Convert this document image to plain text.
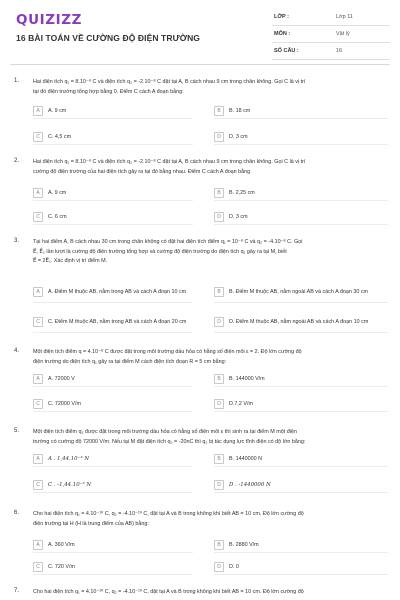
QUIZIZZ
16 BÀI TOÁN VỀ CƯỜNG ĐỘ ĐIỆN TRƯỜNG
LỚP :	Lớp 11
MÔN :	Vật lý
SỐ CÂU :	16
1.	Hai điện tích q₁ = 8.10⁻⁸ C và điện tích q₂ = -2.10⁻⁸ C đặt tại A, B cách nhau 9 cm trong chân không. Gọi C là vị trí
tại đó điện trường tổng hợp bằng 0. Điểm C cách A đoạn bằng:
A	A. 9 cm	B	B. 18 cm
C	C. 4,5 cm	D	D. 3 cm
2.	Hai điện tích q₁ = 8.10⁻⁸ C và điện tích q₂ = -2.10⁻⁸ C đặt tại A, B cách nhau 9 cm trong chân không. Gọi C là vị trí
cường độ điện trường của hai điện tích gây ra tại đó bằng nhau. Điểm C cách A đoạn bằng
A	A. 9 cm	B	B. 2,25 cm
C	C. 6 cm	D	D. 3 cm
3.	Tại hai điểm A, B cách nhau 30 cm trong chân không có đặt hai điện tích điểm q₁ = 10⁻⁸ C và q₂ = -4.10⁻⁸ C. Gọi
E⃗, E⃗₂ lần lượt là cường độ điện trường tổng hợp và cường độ điện trường do điện tích q₁ gây ra tại M, biết
E⃗ = 2E⃗₁. Xác định vị trí điểm M.
A	A. Điểm M thuộc AB, nằm trong AB và cách A đoạn 10 cm	B	B. Điểm M thuộc AB, nằm ngoài AB và cách A đoạn 30 cm
C	C. Điểm M thuộc AB, nằm trong AB và cách A đoạn 20 cm	D	D. Điểm M thuộc AB, nằm ngoài AB và cách A đoạn 10 cm
4.	Một điện tích điểm q = 4.10⁻⁸ C được đặt trong môi trường dầu hỏa có hằng số điện môi ε = 2. Độ lớn cường độ
điện trường do điện tích q₁ gây ra tại điểm M cách điện tích đoạn R = 5 cm bằng:
A	A. 72000 V	B	B. 144000 V/m
C	C. 72000 V/m	D	D.7,2 V/m
5.	Một điện tích điểm q₁ được đặt trong môi trường dầu hỏa có hằng số điện môi ε thì sinh ra tại điểm M một điện
trường có cường độ 72000 V/m. Nếu tại M đặt điện tích q₂ = -20nC thì q₂ bị tác dụng lực tĩnh điện có độ lớn bằng:
A	A . 1,44.10⁻³ N	B	B. 1440000 N
C	C . -1,44.10⁻³ N	D	D . -1440000 N
6.	Cho hai điện tích q₁ = 4.10⁻¹⁰ C, q₂ = -4.10⁻¹⁰ C, đặt tại A và B trong không khí biết AB = 10 cm. Độ lớn cường độ
điện trường tại H (H là trung điểm của AB) bằng:
A	A. 360 V/m	B	B. 2880 V/m
C	C. 720 V/m	D	D. 0
7.	Cho hai điện tích q₁ = 4.10⁻¹⁰ C, q₂ = -4.10⁻¹⁰ C, đặt tại A và B trong không khí biết AB = 10 cm. Độ lớn cường độ
